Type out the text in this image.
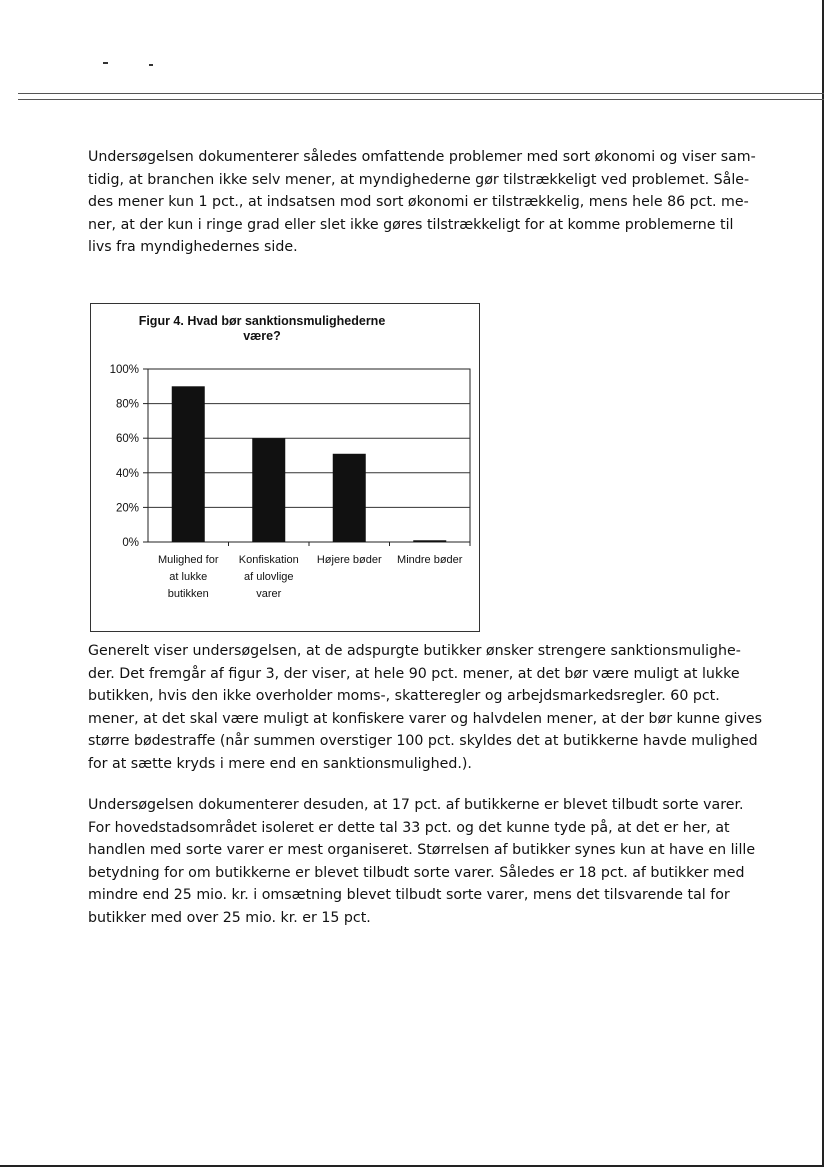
Undersøgelsen dokumenterer således omfattende problemer med sort økonomi og viser sam-
tidig, at branchen ikke selv mener, at myndighederne gør tilstrækkeligt ved problemet. Såle-
des mener kun 1 pct., at indsatsen mod sort økonomi er tilstrækkelig, mens hele 86 pct. me-
ner, at der kun i ringe grad eller slet ikke gøres tilstrækkeligt for at komme problemerne til
livs fra myndighedernes side.
Figur 4. Hvad bør sanktionsmulighederne
være?
0%
20%
40%
60%
80%
100%
Mulighed for
at lukke
butikken
Konfiskation
af ulovlige
varer
Højere bøder Mindre bøder
Generelt viser undersøgelsen, at de adspurgte butikker ønsker strengere sanktionsmulighe-
der. Det fremgår af figur 3, der viser, at hele 90 pct. mener, at det bør være muligt at lukke
butikken, hvis den ikke overholder moms-, skatteregler og arbejdsmarkedsregler. 60 pct.
mener, at det skal være muligt at konfiskere varer og halvdelen mener, at der bør kunne gives
større bødestraffe (når summen overstiger 100 pct. skyldes det at butikkerne havde mulighed
for at sætte kryds i mere end en sanktionsmulighed.).
Undersøgelsen dokumenterer desuden, at 17 pct. af butikkerne er blevet tilbudt sorte varer.
For hovedstadsområdet isoleret er dette tal 33 pct. og det kunne tyde på, at det er her, at
handlen med sorte varer er mest organiseret. Størrelsen af butikker synes kun at have en lille
betydning for om butikkerne er blevet tilbudt sorte varer. Således er 18 pct. af butikker med
mindre end 25 mio. kr. i omsætning blevet tilbudt sorte varer, mens det tilsvarende tal for
butikker med over 25 mio. kr. er 15 pct.
